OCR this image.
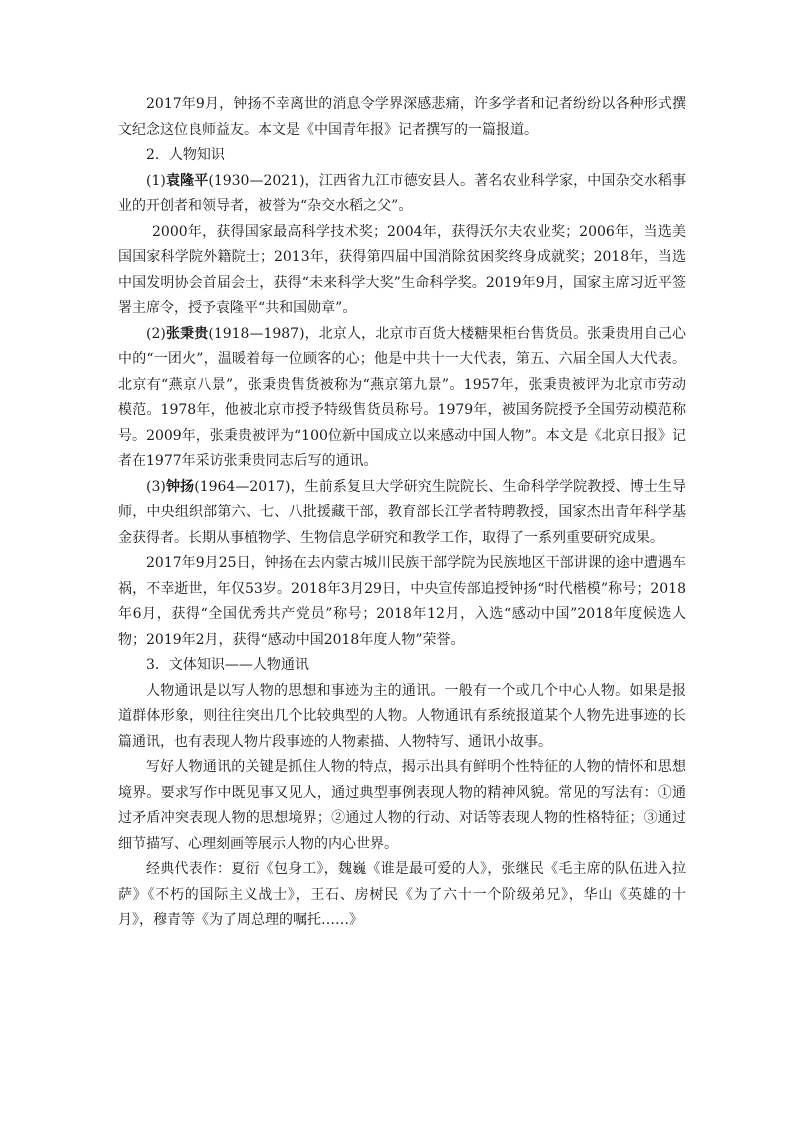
2017年9月，钟扬不幸离世的消息令学界深感悲痛，许多学者和记者纷纷以各种形式撰文纪念这位良师益友。本文是《中国青年报》记者撰写的一篇报道。

2．人物知识

(1)袁隆平(1930—2021)，江西省九江市德安县人。著名农业科学家，中国杂交水稻事业的开创者和领导者，被誉为“杂交水稻之父”。

2000年，获得国家最高科学技术奖；2004年，获得沃尔夫农业奖；2006年，当选美国国家科学院外籍院士；2013年，获得第四届中国消除贫困奖终身成就奖；2018年，当选中国发明协会首届会士，获得“未来科学大奖”生命科学奖。2019年9月，国家主席习近平签署主席令，授予袁隆平“共和国勋章”。

(2)张秉贵(1918—1987)，北京人，北京市百货大楼糖果柜台售货员。张秉贵用自己心中的“一团火”，温暖着每一位顾客的心；他是中共十一大代表，第五、六届全国人大代表。北京有“燕京八景”，张秉贵售货被称为“燕京第九景”。1957年，张秉贵被评为北京市劳动模范。1978年，他被北京市授予特级售货员称号。1979年，被国务院授予全国劳动模范称号。2009年，张秉贵被评为“100位新中国成立以来感动中国人物”。本文是《北京日报》记者在1977年采访张秉贵同志后写的通讯。

(3)钟扬(1964—2017)，生前系复旦大学研究生院院长、生命科学学院教授、博士生导师，中央组织部第六、七、八批援藏干部，教育部长江学者特聘教授，国家杰出青年科学基金获得者。长期从事植物学、生物信息学研究和教学工作，取得了一系列重要研究成果。

2017年9月25日，钟扬在去内蒙古城川民族干部学院为民族地区干部讲课的途中遭遇车祸，不幸逝世，年仅53岁。2018年3月29日，中央宣传部追授钟扬“时代楷模”称号；2018年6月，获得“全国优秀共产党员”称号；2018年12月，入选“感动中国”2018年度候选人物；2019年2月，获得“感动中国2018年度人物”荣誉。

3．文体知识——人物通讯

人物通讯是以写人物的思想和事迹为主的通讯。一般有一个或几个中心人物。如果是报道群体形象，则往往突出几个比较典型的人物。人物通讯有系统报道某个人物先进事迹的长篇通讯，也有表现人物片段事迹的人物素描、人物特写、通讯小故事。

写好人物通讯的关键是抓住人物的特点，揭示出具有鲜明个性特征的人物的情怀和思想境界。要求写作中既见事又见人，通过典型事例表现人物的精神风貌。常见的写法有：①通过矛盾冲突表现人物的思想境界；②通过人物的行动、对话等表现人物的性格特征；③通过细节描写、心理刻画等展示人物的内心世界。

经典代表作：夏衍《包身工》，魏巍《谁是最可爱的人》，张继民《毛主席的队伍进入拉萨》《不朽的国际主义战士》，王石、房树民《为了六十一个阶级弟兄》，华山《英雄的十月》，穆青等《为了周总理的嘱托……》
